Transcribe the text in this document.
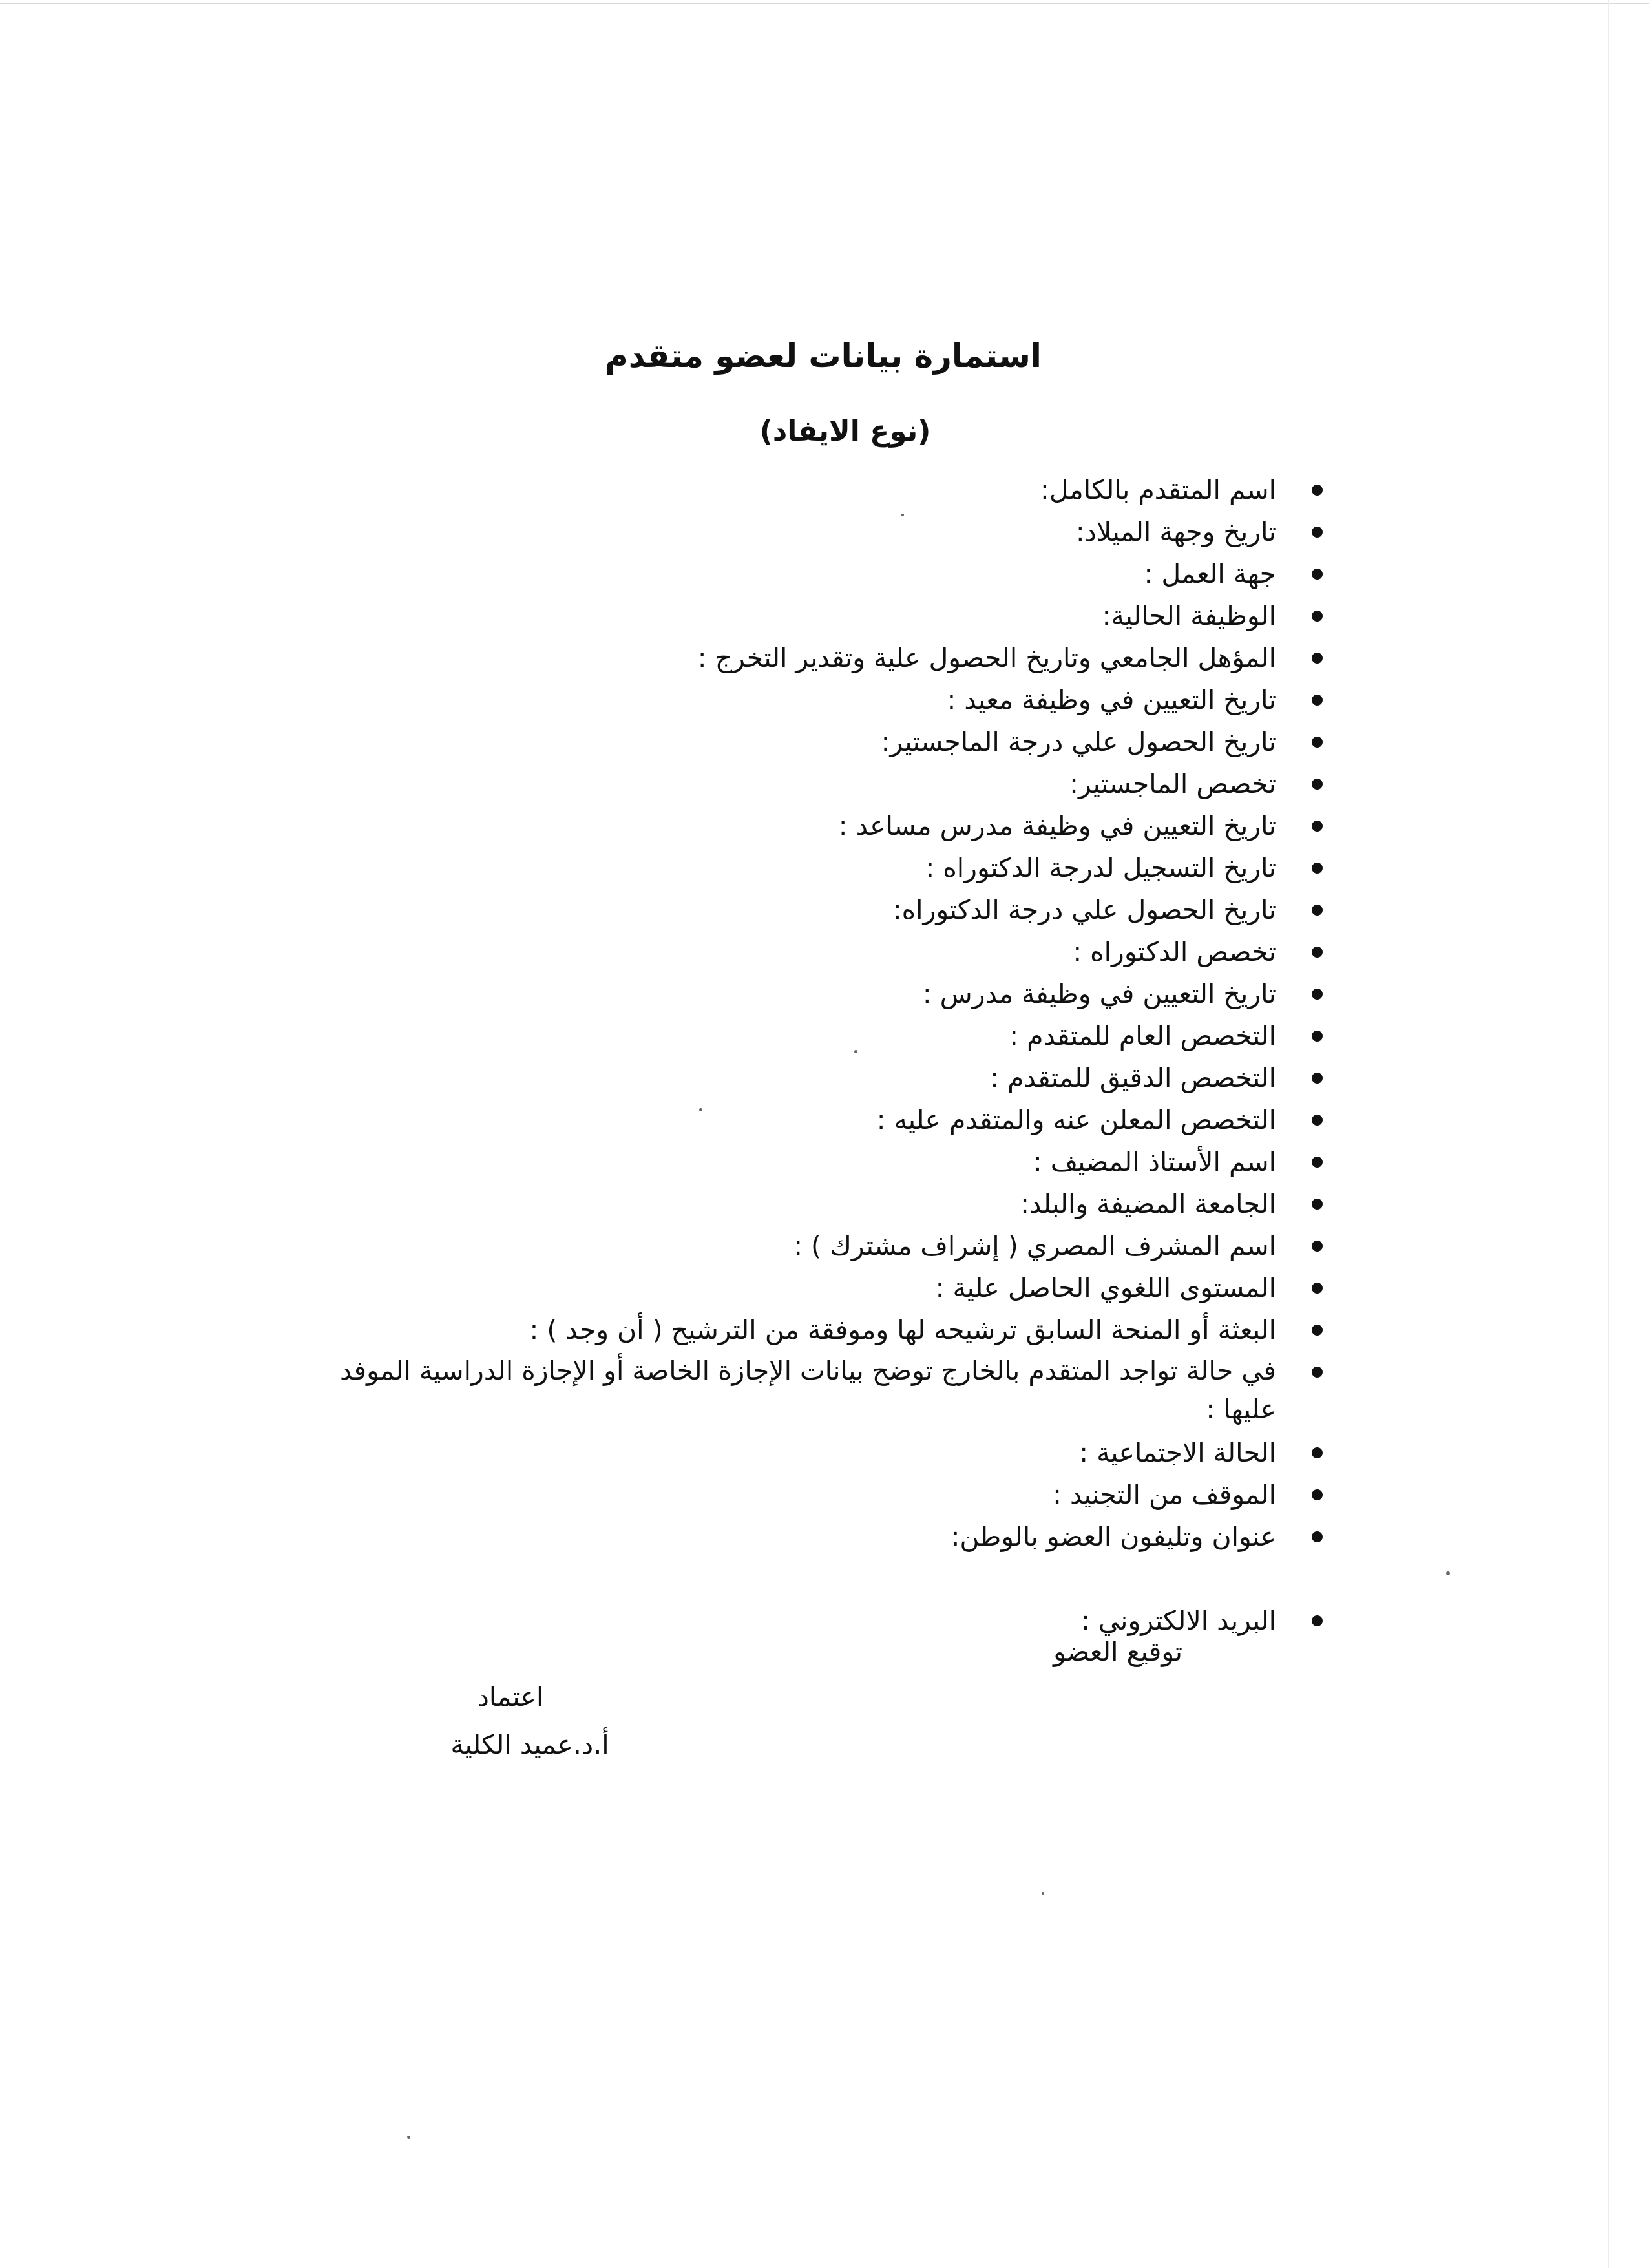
استمارة بيانات لعضو متقدم
(نوع الايفاد)
اسم المتقدم بالكامل:
تاريخ وجهة الميلاد:
جهة العمل :
الوظيفة الحالية:
المؤهل الجامعي وتاريخ الحصول علية وتقدير التخرج :
تاريخ التعيين في وظيفة معيد :
تاريخ الحصول علي درجة الماجستير:
تخصص الماجستير:
تاريخ التعيين في وظيفة مدرس مساعد :
تاريخ التسجيل لدرجة الدكتوراه :
تاريخ الحصول علي درجة الدكتوراه:
تخصص الدكتوراه :
تاريخ التعيين في وظيفة مدرس :
التخصص العام للمتقدم :
التخصص الدقيق للمتقدم :
التخصص المعلن عنه والمتقدم عليه :
اسم الأستاذ المضيف :
الجامعة المضيفة والبلد:
اسم المشرف المصري ( إشراف مشترك ) :
المستوى اللغوي الحاصل علية :
البعثة أو المنحة السابق ترشيحه لها وموفقة من الترشيح ( أن وجد ) :
في حالة تواجد المتقدم بالخارج توضح بيانات الإجازة الخاصة أو الإجازة الدراسية الموفد عليها :
الحالة الاجتماعية :
الموقف من التجنيد :
عنوان وتليفون العضو بالوطن:
البريد الالكتروني :
توقيع العضو
اعتماد
أ.د.عميد الكلية
